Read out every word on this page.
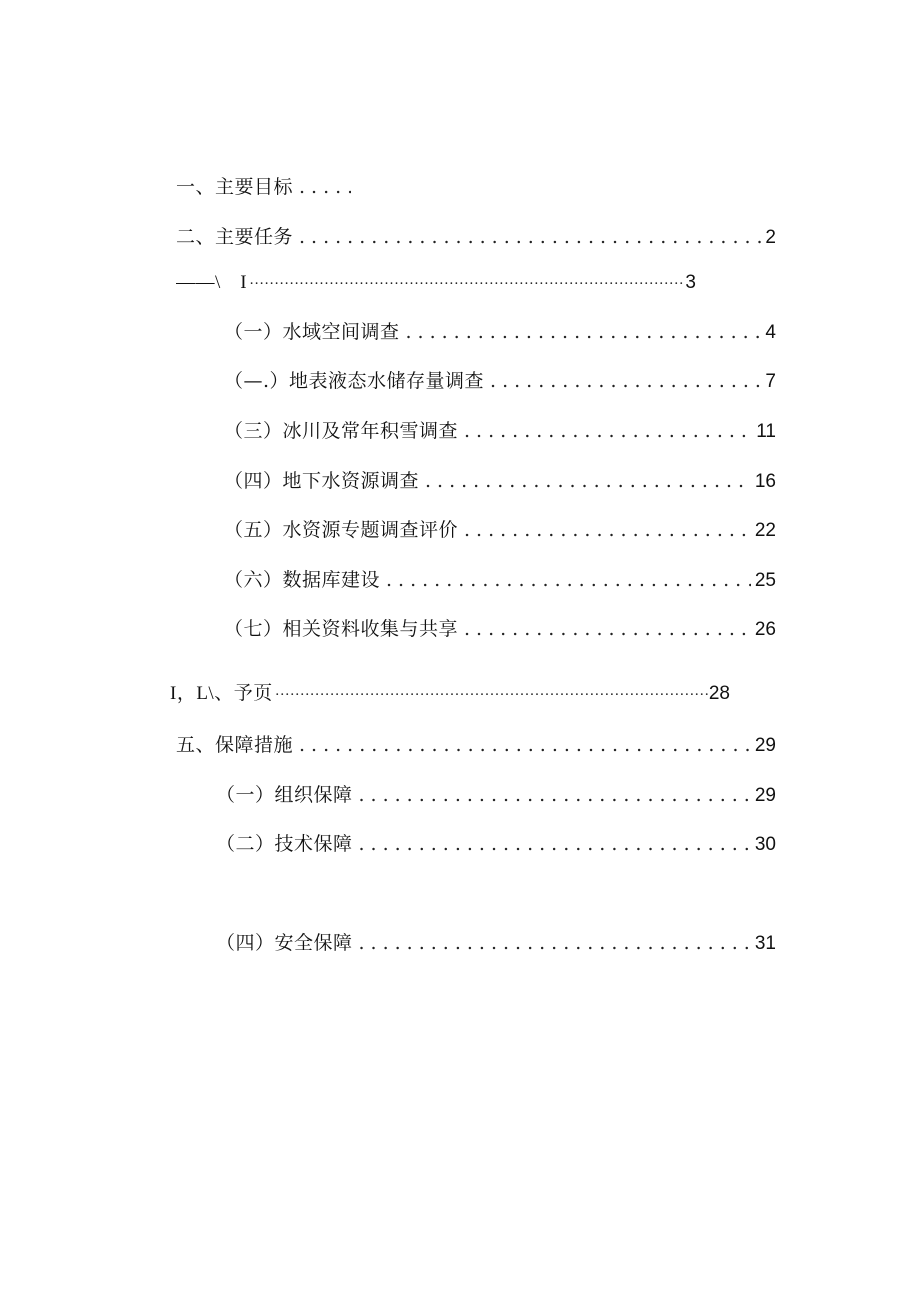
一、主要目标
.....
二、主要任务 .....	2
——\　I ·····	3
（一）水域空间调查 .....	4
（—.）地表液态水储存量调查 .....	7
（三）冰川及常年积雪调查 .....	11
（四）地下水资源调查 .....	16
（五）水资源专题调查评价 .....	22
（六）数据库建设 .....	25
（七）相关资料收集与共享 .....	26
I，L\、予页 ·····	28
五、保障措施 .....	29
（一）组织保障 .....	29
（二）技术保障 .....	30
（四）安全保障 .....	31
